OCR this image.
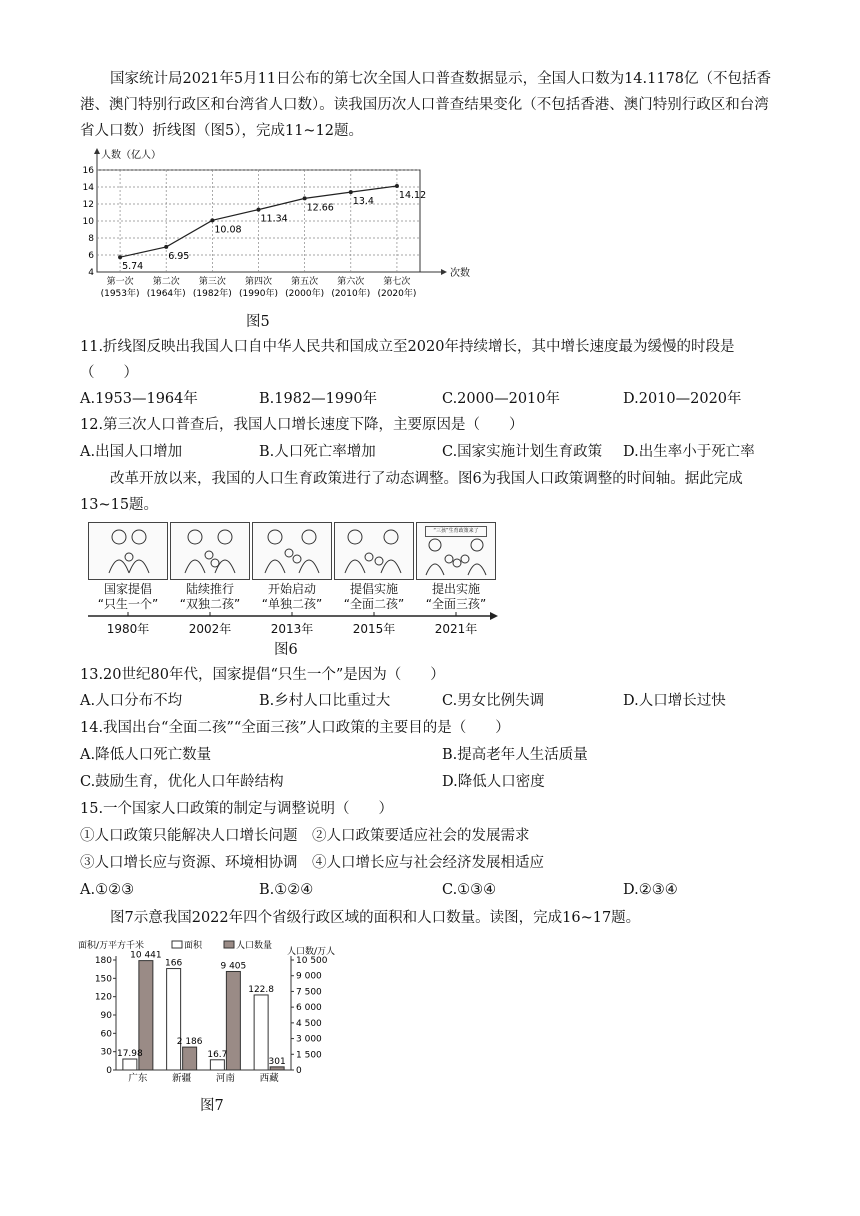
国家统计局2021年5月11日公布的第七次全国人口普查数据显示，全国人口数为14.1178亿（不包括香港、澳门特别行政区和台湾省人口数）。读我国历次人口普查结果变化（不包括香港、澳门特别行政区和台湾省人口数）折线图（图5），完成11~12题。
4
6
8
10
12
14
16
人数（亿人）
次数
第一次
(1953年)
第二次
(1964年)
第三次
(1982年)
第四次
(1990年)
第五次
(2000年)
第六次
(2010年)
第七次
(2020年)
5.74
6.95
10.08
11.34
12.66
13.4
14.12
图5
11.折线图反映出我国人口自中华人民共和国成立至2020年持续增长，其中增长速度最为缓慢的时段是（　　）
A.1953—1964年	B.1982—1990年	C.2000—2010年	D.2010—2020年
12.第三次人口普查后，我国人口增长速度下降，主要原因是（　　）
A.出国人口增加	B.人口死亡率增加	C.国家实施计划生育政策 D.出生率小于死亡率
改革开放以来，我国的人口生育政策进行了动态调整。图6为我国人口政策调整的时间轴。据此完成13~15题。
“三孩”生育政策来了
国家提倡
“只生一个”
陆续推行
“双独二孩”
开始启动
“单独二孩”
提倡实施
“全面二孩”
提出实施
“全面三孩”
1980年	2002年	2013年	2015年	2021年
图6
13.20世纪80年代，国家提倡“只生一个”是因为（　　）
A.人口分布不均	B.乡村人口比重过大	C.男女比例失调	D.人口增长过快
14.我国出台“全面二孩”“全面三孩”人口政策的主要目的是（　　）
A.降低人口死亡数量	B.提高老年人生活质量
C.鼓励生育，优化人口年龄结构	D.降低人口密度
15.一个国家人口政策的制定与调整说明（　　）
①人口政策只能解决人口增长问题　②人口政策要适应社会的发展需求
③人口增长应与资源、环境相协调　④人口增长应与社会经济发展相适应
A.①②③	B.①②④	C.①③④	D.②③④
图7示意我国2022年四个省级行政区域的面积和人口数量。读图，完成16~17题。
0
30
60
90
120
150
180
0
1 500
3 000
4 500
6 000
7 500
9 000
10 500
面积/万平方千米
人口数/万人
面积	人口数量
17.98
10 441
广东
166
2 186
新疆
16.7
9 405
河南
122.8
301
西藏
图7
